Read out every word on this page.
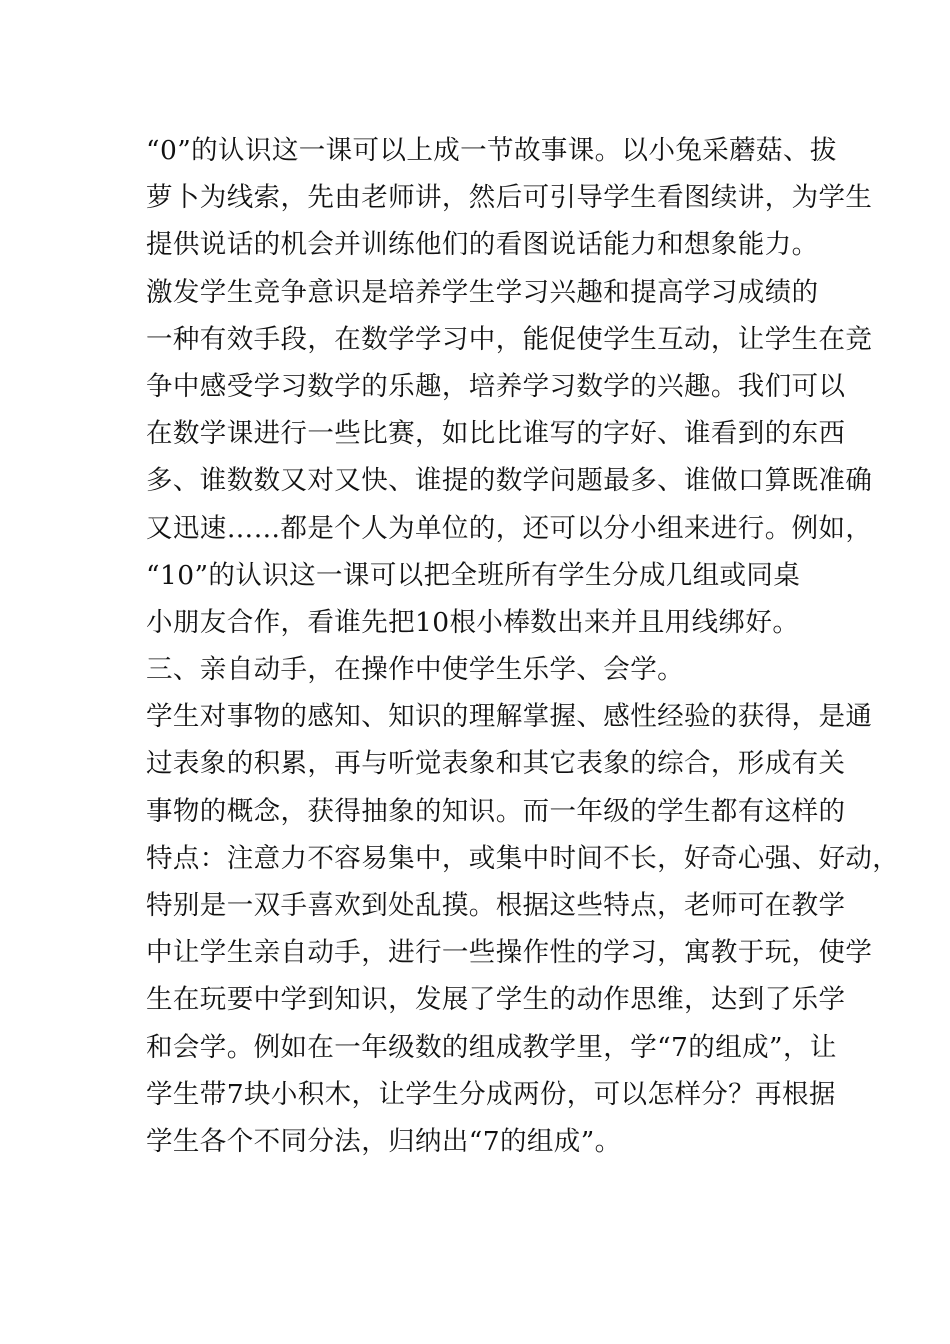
“0”的认识这一课可以上成一节故事课。以小兔采蘑菇、拔
萝卜为线索，先由老师讲，然后可引导学生看图续讲，为学生
提供说话的机会并训练他们的看图说话能力和想象能力。
激发学生竞争意识是培养学生学习兴趣和提高学习成绩的
一种有效手段，在数学学习中，能促使学生互动，让学生在竞
争中感受学习数学的乐趣，培养学习数学的兴趣。我们可以
在数学课进行一些比赛，如比比谁写的字好、谁看到的东西
多、谁数数又对又快、谁提的数学问题最多、谁做口算既准确
又迅速……都是个人为单位的，还可以分小组来进行。例如，
“10”的认识这一课可以把全班所有学生分成几组或同桌
小朋友合作，看谁先把10根小棒数出来并且用线绑好。
三、亲自动手，在操作中使学生乐学、会学。
学生对事物的感知、知识的理解掌握、感性经验的获得，是通
过表象的积累，再与听觉表象和其它表象的综合，形成有关
事物的概念，获得抽象的知识。而一年级的学生都有这样的
特点：注意力不容易集中，或集中时间不长，好奇心强、好动，
特别是一双手喜欢到处乱摸。根据这些特点，老师可在教学
中让学生亲自动手，进行一些操作性的学习，寓教于玩，使学
生在玩要中学到知识，发展了学生的动作思维，达到了乐学
和会学。例如在一年级数的组成教学里，学“7的组成”，让
学生带7块小积木，让学生分成两份，可以怎样分？再根据
学生各个不同分法，归纳出“7的组成”。
